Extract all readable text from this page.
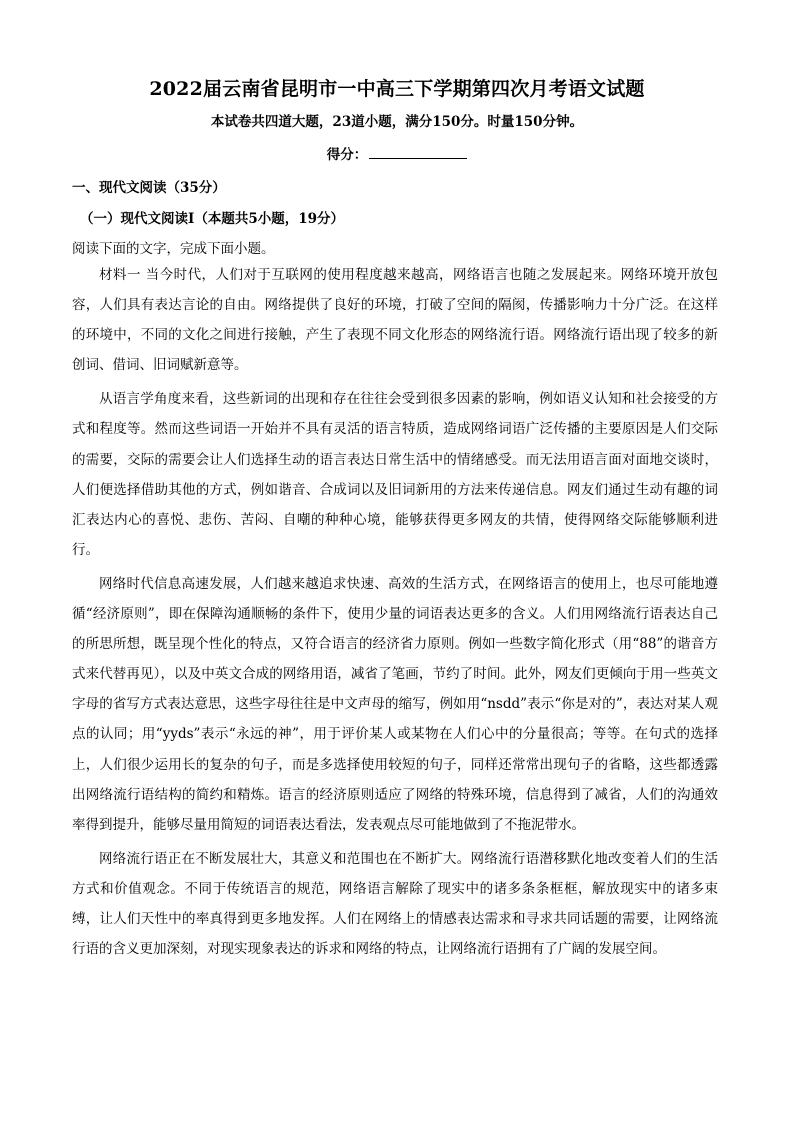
2022届云南省昆明市一中高三下学期第四次月考语文试题
本试卷共四道大题，23道小题，满分150分。时量150分钟。
得分：
一、现代文阅读（35分）
（一）现代文阅读Ⅰ（本题共5小题，19分）
阅读下面的文字，完成下面小题。

材料一 当今时代，人们对于互联网的使用程度越来越高，网络语言也随之发展起来。网络环境开放包容，人们具有表达言论的自由。网络提供了良好的环境，打破了空间的隔阂，传播影响力十分广泛。在这样的环境中，不同的文化之间进行接触，产生了表现不同文化形态的网络流行语。网络流行语出现了较多的新创词、借词、旧词赋新意等。

从语言学角度来看，这些新词的出现和存在往往会受到很多因素的影响，例如语义认知和社会接受的方式和程度等。然而这些词语一开始并不具有灵活的语言特质，造成网络词语广泛传播的主要原因是人们交际的需要，交际的需要会让人们选择生动的语言表达日常生活中的情绪感受。而无法用语言面对面地交谈时，人们便选择借助其他的方式，例如谐音、合成词以及旧词新用的方法来传递信息。网友们通过生动有趣的词汇表达内心的喜悦、悲伤、苦闷、自嘲的种种心境，能够获得更多网友的共情，使得网络交际能够顺利进行。

网络时代信息高速发展，人们越来越追求快速、高效的生活方式，在网络语言的使用上，也尽可能地遵循“经济原则”，即在保障沟通顺畅的条件下，使用少量的词语表达更多的含义。人们用网络流行语表达自己的所思所想，既呈现个性化的特点，又符合语言的经济省力原则。例如一些数字简化形式（用“88”的谐音方式来代替再见），以及中英文合成的网络用语，减省了笔画，节约了时间。此外，网友们更倾向于用一些英文字母的省写方式表达意思，这些字母往往是中文声母的缩写，例如用“nsdd”表示“你是对的”，表达对某人观点的认同；用“yyds”表示“永远的神”，用于评价某人或某物在人们心中的分量很高；等等。在句式的选择上，人们很少运用长的复杂的句子，而是多选择使用较短的句子，同样还常常出现句子的省略，这些都透露出网络流行语结构的简约和精炼。语言的经济原则适应了网络的特殊环境，信息得到了减省，人们的沟通效率得到提升，能够尽量用简短的词语表达看法，发表观点尽可能地做到了不拖泥带水。

网络流行语正在不断发展壮大，其意义和范围也在不断扩大。网络流行语潜移默化地改变着人们的生活方式和价值观念。不同于传统语言的规范，网络语言解除了现实中的诸多条条框框，解放现实中的诸多束缚，让人们天性中的率真得到更多地发挥。人们在网络上的情感表达需求和寻求共同话题的需要，让网络流行语的含义更加深刻，对现实现象表达的诉求和网络的特点，让网络流行语拥有了广阔的发展空间。
